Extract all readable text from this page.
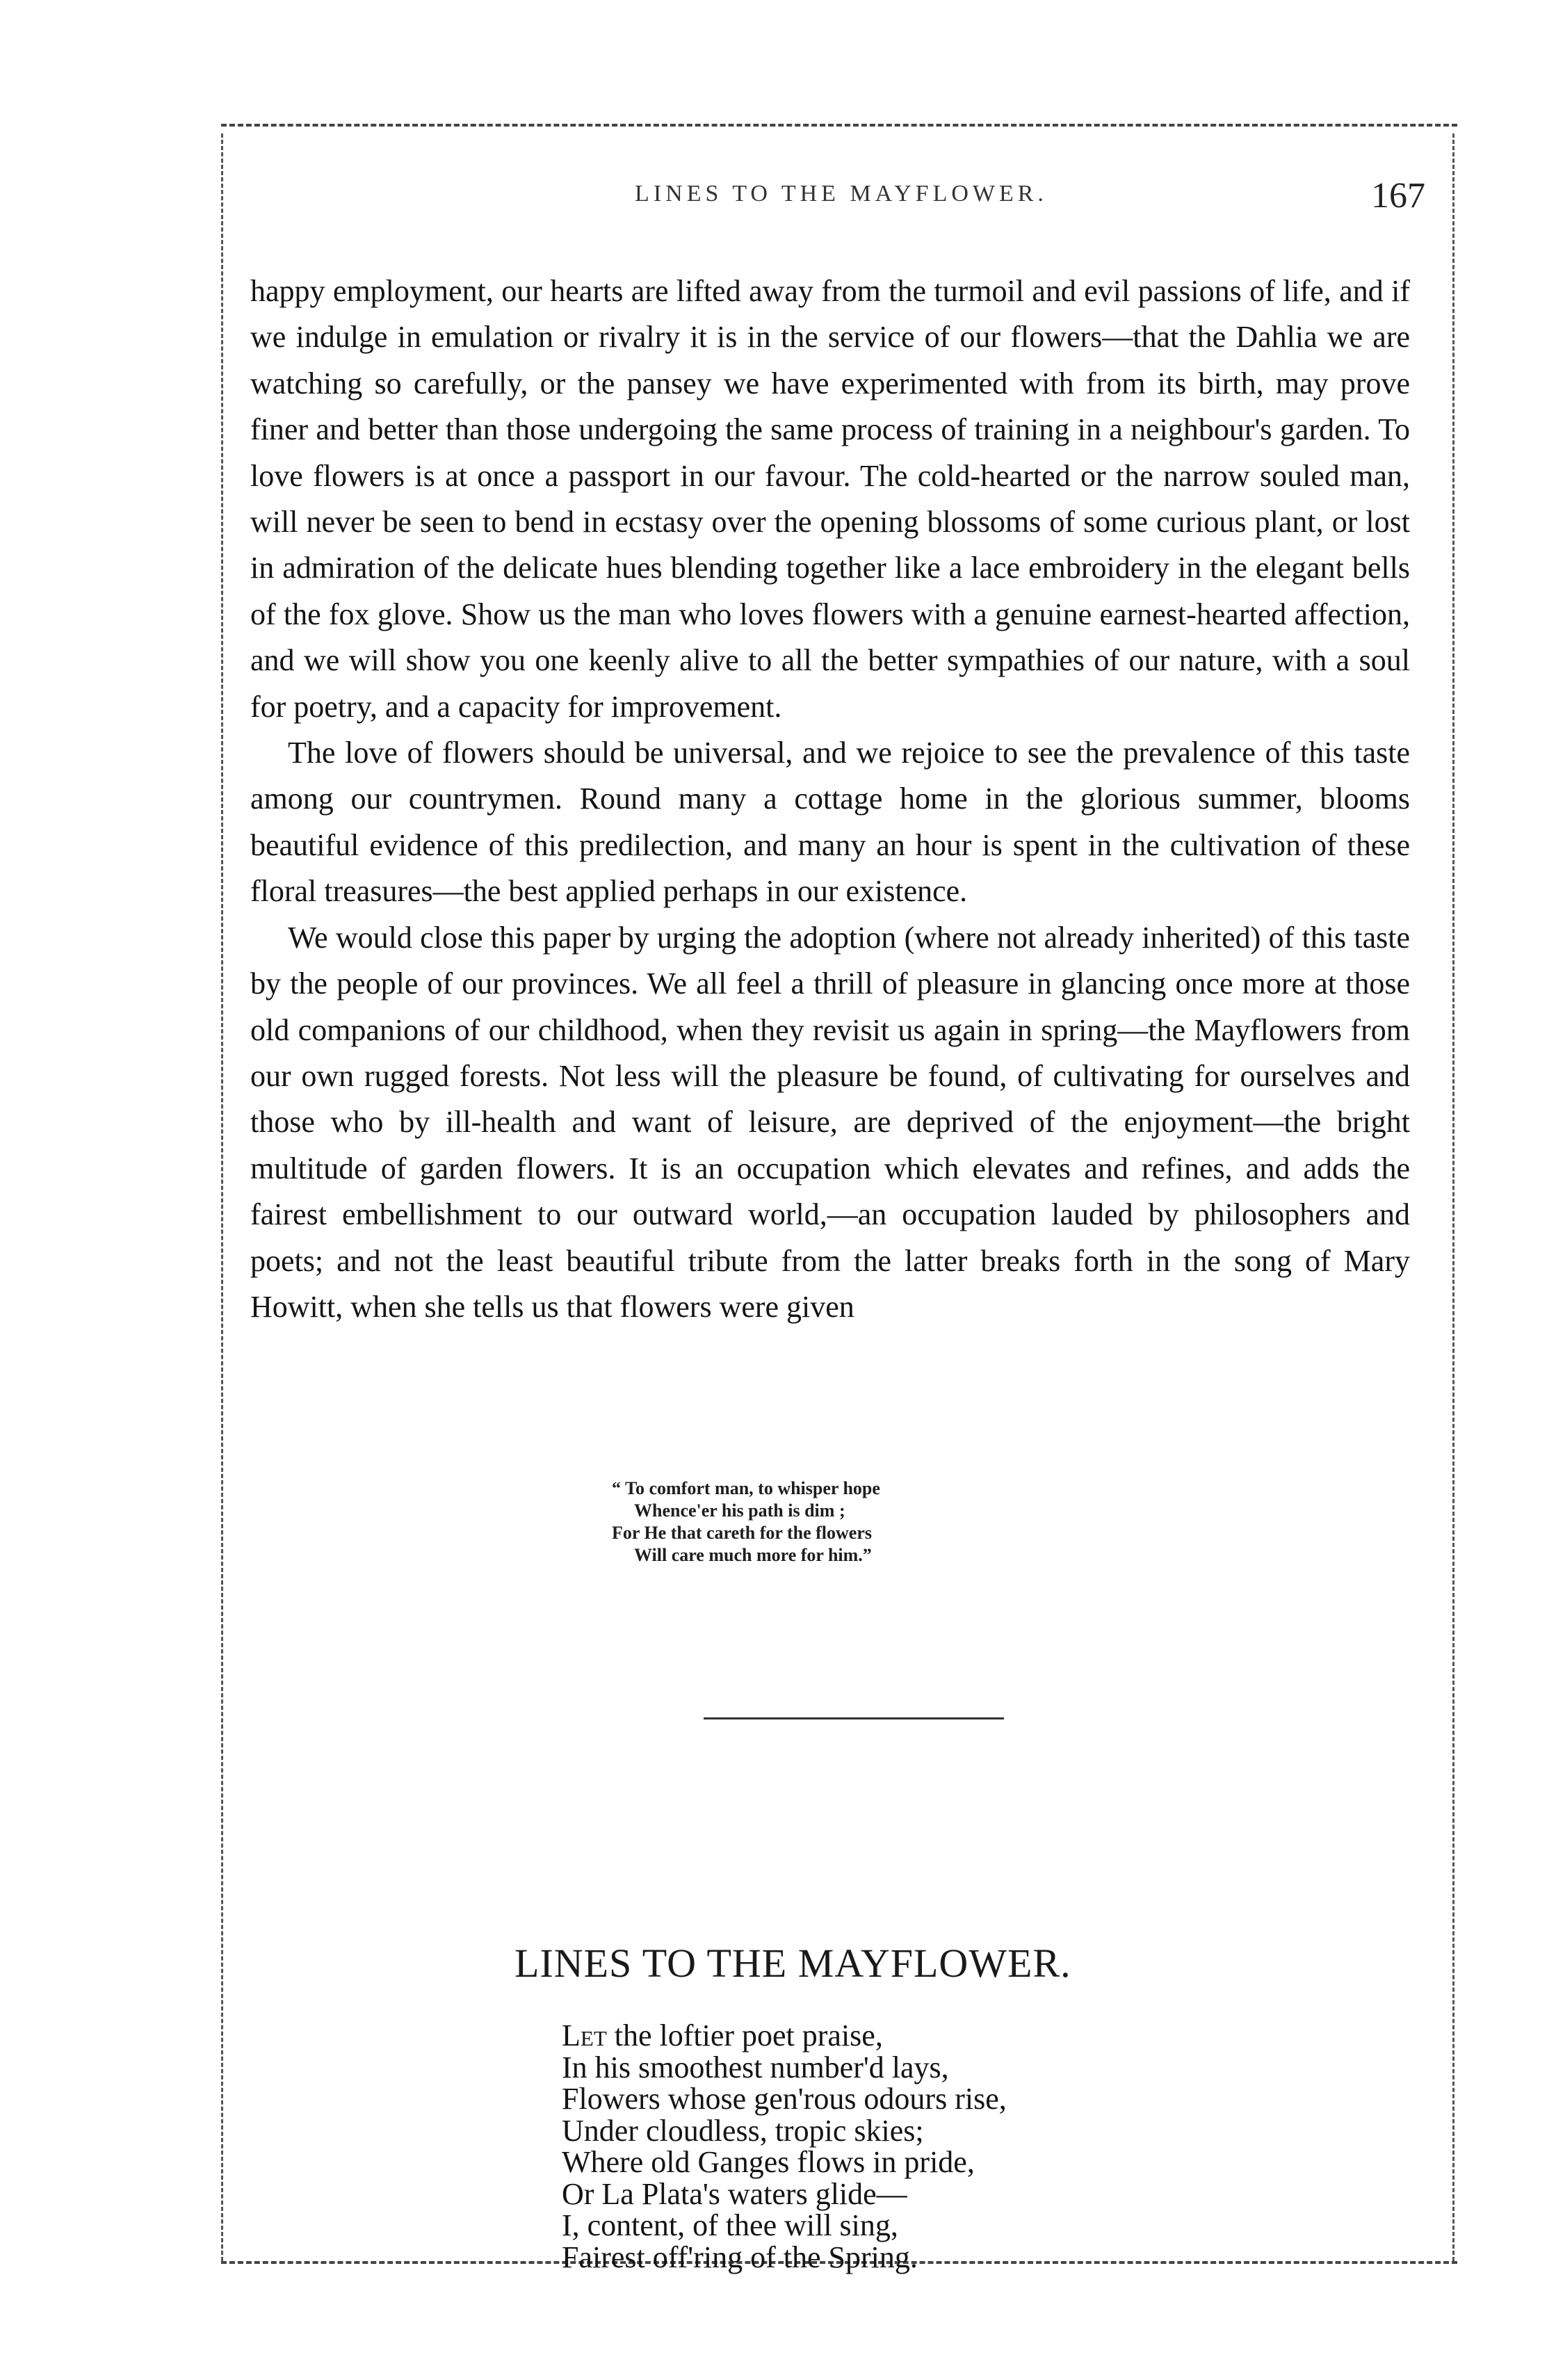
LINES TO THE MAYFLOWER.	167

happy employment, our hearts are lifted away from the turmoil and evil passions of life, and if we indulge in emulation or rivalry it is in the service of our flowers—that the Dahlia we are watching so carefully, or the pansey we have experimented with from its birth, may prove finer and better than those undergoing the same process of training in a neighbour's garden. To love flowers is at once a passport in our favour. The cold-hearted or the narrow souled man, will never be seen to bend in ecstasy over the opening blossoms of some curious plant, or lost in admiration of the delicate hues blending together like a lace embroidery in the elegant bells of the fox glove. Show us the man who loves flowers with a genuine earnest-hearted affection, and we will show you one keenly alive to all the better sympathies of our nature, with a soul for poetry, and a capacity for improvement.

The love of flowers should be universal, and we rejoice to see the prevalence of this taste among our countrymen. Round many a cottage home in the glorious summer, blooms beautiful evidence of this predilection, and many an hour is spent in the cultivation of these floral treasures—the best applied perhaps in our existence.

We would close this paper by urging the adoption (where not already inherited) of this taste by the people of our provinces. We all feel a thrill of pleasure in glancing once more at those old companions of our childhood, when they revisit us again in spring—the Mayflowers from our own rugged forests. Not less will the pleasure be found, of cultivating for ourselves and those who by ill-health and want of leisure, are deprived of the enjoyment—the bright multitude of garden flowers. It is an occupation which elevates and refines, and adds the fairest embellishment to our outward world,—an occupation lauded by philosophers and poets; and not the least beautiful tribute from the latter breaks forth in the song of Mary Howitt, when she tells us that flowers were given

“ To comfort man, to whisper hope
Whence'er his path is dim ;
For He that careth for the flowers
Will care much more for him.”
LINES TO THE MAYFLOWER.
Let the loftier poet praise,
In his smoothest number'd lays,
Flowers whose gen'rous odours rise,
Under cloudless, tropic skies;
Where old Ganges flows in pride,
Or La Plata's waters glide—
I, content, of thee will sing,
Fairest off'ring of the Spring.
